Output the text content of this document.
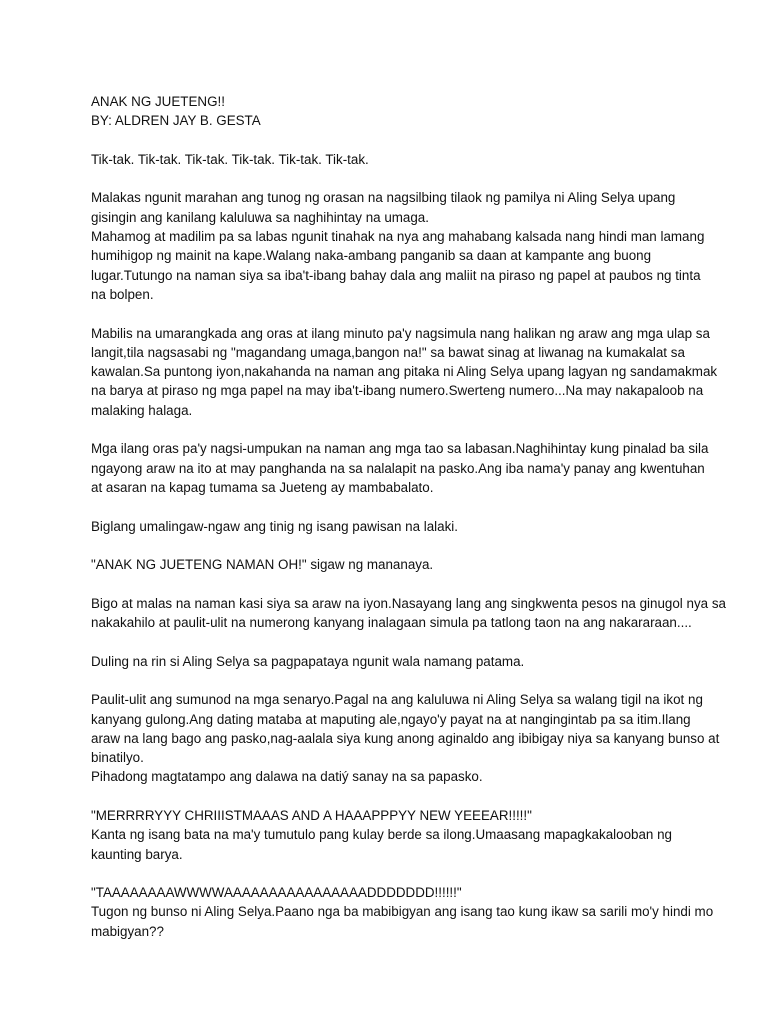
ANAK NG JUETENG!!
BY: ALDREN JAY B. GESTA
Tik-tak. Tik-tak. Tik-tak. Tik-tak. Tik-tak. Tik-tak.
Malakas ngunit marahan ang tunog ng orasan na nagsilbing tilaok ng pamilya ni Aling Selya upang
gisingin ang kanilang kaluluwa sa naghihintay na umaga.
Mahamog at madilim pa sa labas ngunit tinahak na nya ang mahabang kalsada nang hindi man lamang
humihigop ng mainit na kape.Walang naka-ambang panganib sa daan at kampante ang buong
lugar.Tutungo na naman siya sa iba't-ibang bahay dala ang maliit na piraso ng papel at paubos ng tinta
na bolpen.
Mabilis na umarangkada ang oras at ilang minuto pa'y nagsimula nang halikan ng araw ang mga ulap sa
langit,tila nagsasabi ng "magandang umaga,bangon na!" sa bawat sinag at liwanag na kumakalat sa
kawalan.Sa puntong iyon,nakahanda na naman ang pitaka ni Aling Selya upang lagyan ng sandamakmak
na barya at piraso ng mga papel na may iba't-ibang numero.Swerteng numero...Na may nakapaloob na
malaking halaga.
Mga ilang oras pa'y nagsi-umpukan na naman ang mga tao sa labasan.Naghihintay kung pinalad ba sila
ngayong araw na ito at may panghanda na sa nalalapit na pasko.Ang iba nama'y panay ang kwentuhan
at asaran na kapag tumama sa Jueteng ay mambabalato.
Biglang umalingaw-ngaw ang tinig ng isang pawisan na lalaki.
"ANAK NG JUETENG NAMAN OH!" sigaw ng mananaya.
Bigo at malas na naman kasi siya sa araw na iyon.Nasayang lang ang singkwenta pesos na ginugol nya sa
nakakahilo at paulit-ulit na numerong kanyang inalagaan simula pa tatlong taon na ang nakararaan....
Duling na rin si Aling Selya sa pagpapataya ngunit wala namang patama.
Paulit-ulit ang sumunod na mga senaryo.Pagal na ang kaluluwa ni Aling Selya sa walang tigil na ikot ng
kanyang gulong.Ang dating mataba at maputing ale,ngayo'y payat na at nangingintab pa sa itim.Ilang
araw na lang bago ang pasko,nag-aalala siya kung anong aginaldo ang ibibigay niya sa kanyang bunso at
binatilyo.
Pihadong magtatampo ang dalawa na datiý sanay na sa papasko.
"MERRRRYYY CHRIIISTMAAAS AND A HAAAPPPYY NEW YEEEAR!!!!!"
Kanta ng isang bata na ma'y tumutulo pang kulay berde sa ilong.Umaasang mapagkakalooban ng
kaunting barya.
"TAAAAAAAAWWWWAAAAAAAAAAAAAAAADDDDDDD!!!!!!"
Tugon ng bunso ni Aling Selya.Paano nga ba mabibigyan ang isang tao kung ikaw sa sarili mo'y hindi mo
mabigyan??
